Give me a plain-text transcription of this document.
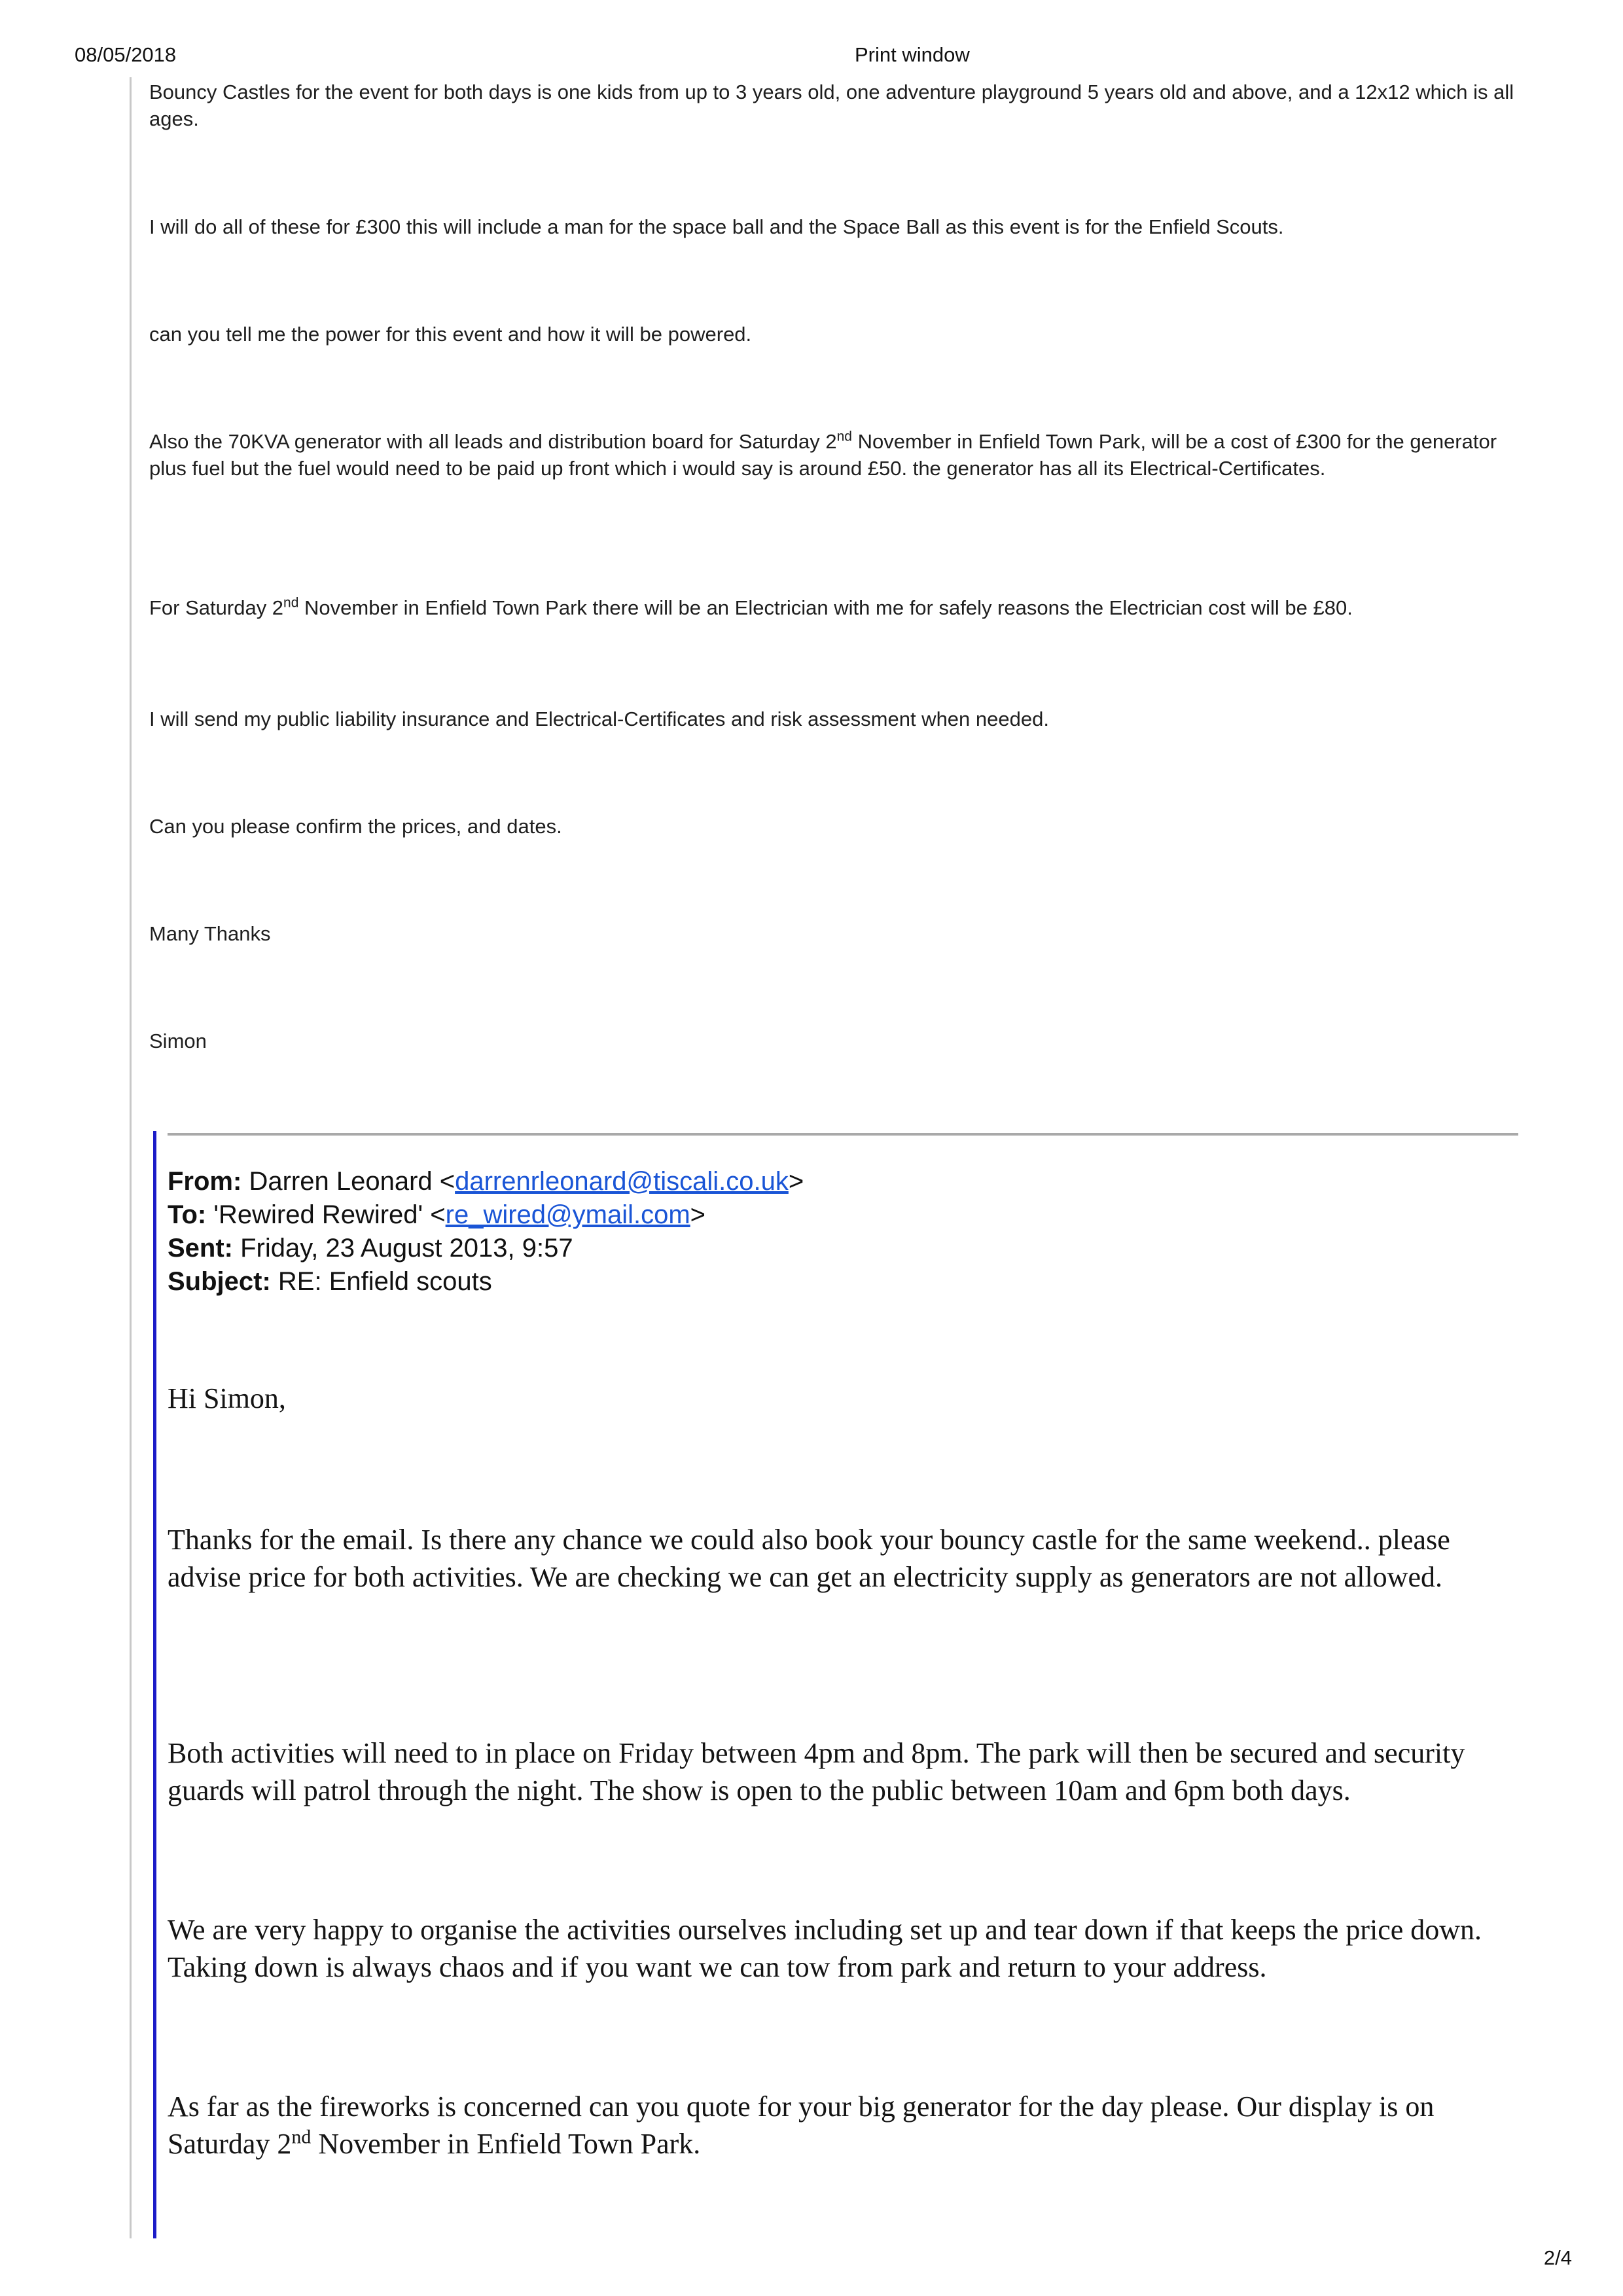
08/05/2018	Print window

Bouncy Castles for the event for both days is one kids from up to 3 years old, one adventure playground 5 years old and above, and a 12x12 which is all ages.

I will do all of these for £300 this will include a man for the space ball and the Space Ball as this event is for the Enfield Scouts.

can you tell me the power for this event and how it will be powered.

Also the 70KVA generator with all leads and distribution board for Saturday 2nd November in Enfield Town Park, will be a cost of £300 for the generator plus fuel but the fuel would need to be paid up front which i would say is around £50. the generator has all its Electrical-Certificates.

For Saturday 2nd November in Enfield Town Park there will be an Electrician with me for safely reasons the Electrician cost will be £80.

I will send my public liability insurance and Electrical-Certificates and risk assessment when needed.

Can you please confirm the prices, and dates.

Many Thanks

Simon

From: Darren Leonard <darrenrleonard@tiscali.co.uk>
To: 'Rewired Rewired' <re_wired@ymail.com>
Sent: Friday, 23 August 2013, 9:57
Subject: RE: Enfield scouts

Hi Simon,

Thanks for the email. Is there any chance we could also book your bouncy castle for the same weekend.. please advise price for both activities. We are checking we can get an electricity supply as generators are not allowed.

Both activities will need to in place on Friday between 4pm and 8pm. The park will then be secured and security guards will patrol through the night. The show is open to the public between 10am and 6pm both days.

We are very happy to organise the activities ourselves including set up and tear down if that keeps the price down. Taking down is always chaos and if you want we can tow from park and return to your address.

As far as the fireworks is concerned can you quote for your big generator for the day please. Our display is on Saturday 2nd November in Enfield Town Park.

2/4
